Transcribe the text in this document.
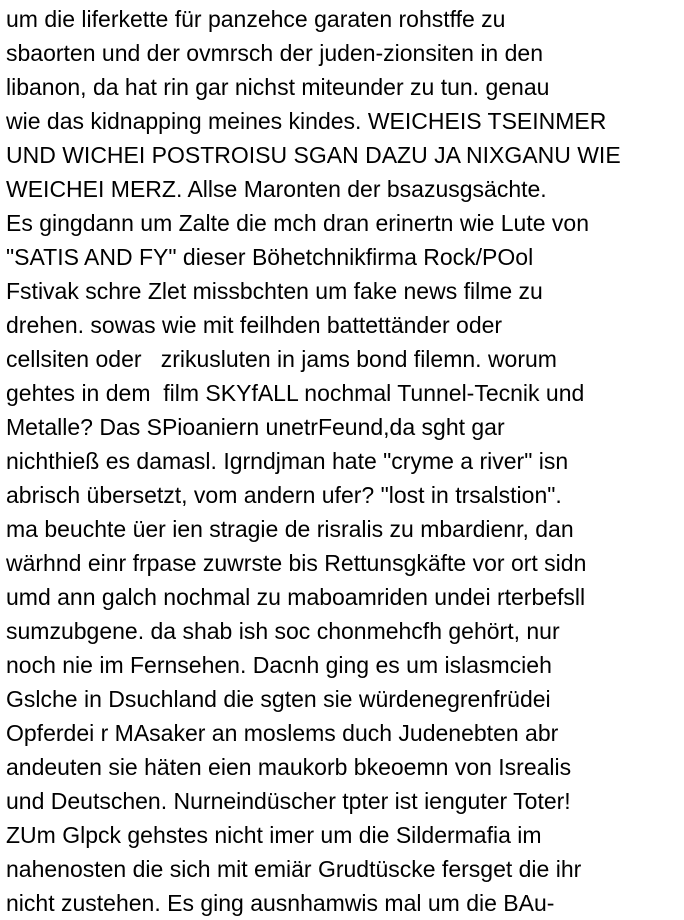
um die liferkette für panzehce garaten rohstffe zu
sbaorten und der ovmrsch der juden-zionsiten in den
libanon, da hat rin gar nichst miteunder zu tun. genau
wie das kidnapping meines kindes. WEICHEIS TSEINMER
UND WICHEI POSTROISU SGAN DAZU JA NIXGANU WIE
WEICHEI MERZ. Allse Maronten der bsazusgsächte.
Es gingdann um Zalte die mch dran erinertn wie Lute von
"SATIS AND FY" dieser Böhetchnikfirma Rock/POol
Fstivak schre Zlet missbchten um fake news filme zu
drehen. sowas wie mit feilhden battettänder oder
cellsiten oder   zrikusluten in jams bond filemn. worum
gehtes in dem  film SKYfALL nochmal Tunnel-Tecnik und
Metalle? Das SPioaniern unetrFeund,da sght gar
nichthieß es damasl. Igrndjman hate "cryme a river" isn
abrisch übersetzt, vom andern ufer? "lost in trsalstion".
ma beuchte üer ien stragie de risralis zu mbardienr, dan
wärhnd einr frpase zuwrste bis Rettunsgkäfte vor ort sidn
umd ann galch nochmal zu maboamriden undei rterbefsll
sumzubgene. da shab ish soc chonmehcfh gehört, nur
noch nie im Fernsehen. Dacnh ging es um islasmcieh
Gslche in Dsuchland die sgten sie würdenegrenfrüdei
Opferdei r MAsaker an moslems duch Judenebten abr
andeuten sie häten eien maukorb bkeoemn von Isrealis
und Deutschen. Nurneindüscher tpter ist ienguter Toter!
ZUm Glpck gehstes nicht imer um die Sildermafia im
nahenosten die sich mit emiär Grudtüscke fersget die ihr
nicht zustehen. Es ging ausnhamwis mal um die BAu-
